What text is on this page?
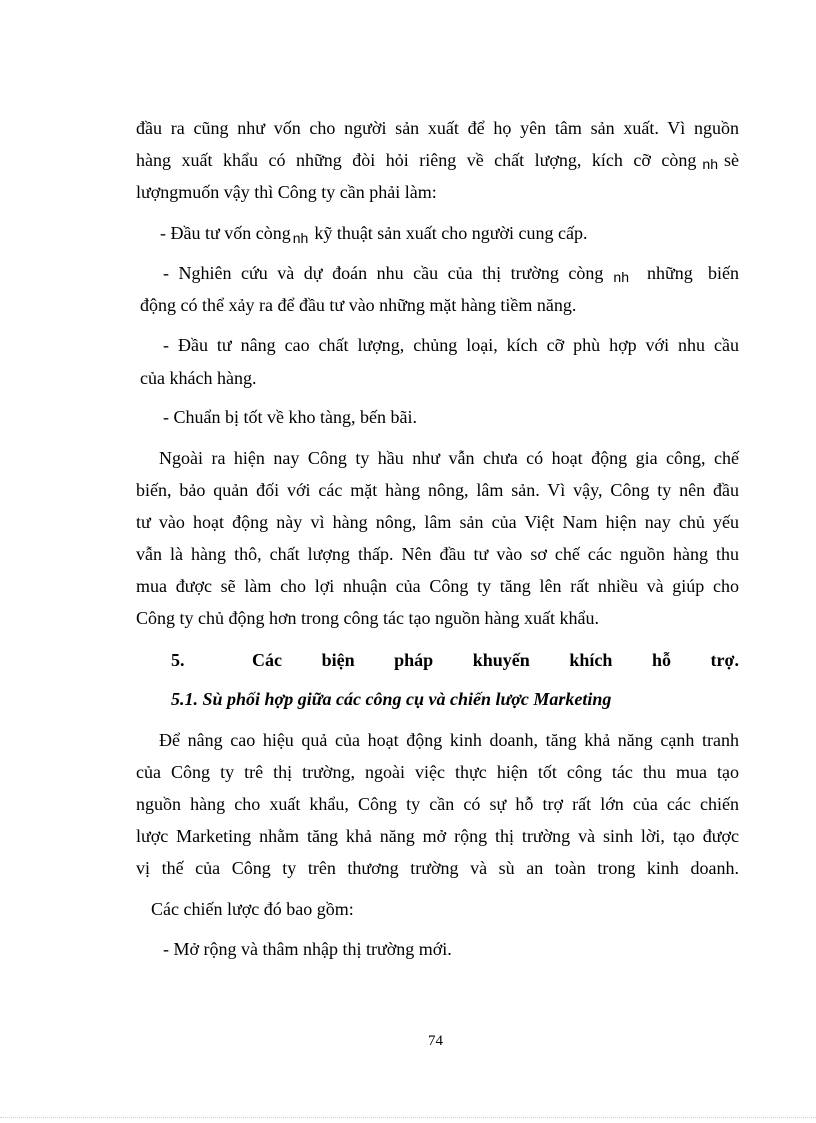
đầu ra cũng như vốn cho người sản xuất để họ yên tâm sản xuất. Vì nguồn
hàng xuất khẩu có những đòi hỏi riêng về chất lượng, kích cỡ còng nh sè
lượngmuốn vậy thì Công ty cần phải làm:
- Đầu tư vốn còng $_{nh}$ kỹ thuật sản xuất cho người cung cấp.
- Nghiên cứu và dự đoán nhu cầu của thị trường còng nh những biến
động có thể xảy ra để đầu tư vào những mặt hàng tiềm năng.
- Đầu tư nâng cao chất lượng, chủng loại, kích cỡ phù hợp với nhu cầu
của khách hàng.
- Chuẩn bị tốt về kho tàng, bến bãi.
Ngoài ra hiện nay Công ty hầu như vẫn chưa có hoạt động gia công, chế
biến, bảo quản đối với các mặt hàng nông, lâm sản. Vì vậy, Công ty nên đầu
tư vào hoạt động này vì hàng nông, lâm sản của Việt Nam hiện nay chủ yếu
vẫn là hàng thô, chất lượng thấp. Nên đầu tư vào sơ chế các nguồn hàng thu
mua được sẽ làm cho lợi nhuận của Công ty tăng lên rất nhiều và giúp cho
Công ty chủ động hơn trong công tác tạo nguồn hàng xuất khẩu.
5.	Các biện pháp khuyến khích hỗ trợ.
5.1. Sù phối hợp giữa các công cụ và chiến lược Marketing
Để nâng cao hiệu quả của hoạt động kinh doanh, tăng khả năng cạnh tranh
của Công ty trê thị trường, ngoài việc thực hiện tốt công tác thu mua tạo
nguồn hàng cho xuất khẩu, Công ty cần có sự hỗ trợ rất lớn của các chiến
lược Marketing nhằm tăng khả năng mở rộng thị trường và sinh lời, tạo được
vị thế của Công ty trên thương trường và sù an toàn trong kinh doanh.
Các chiến lược đó bao gồm:
- Mở rộng và thâm nhập thị trường mới.
74
